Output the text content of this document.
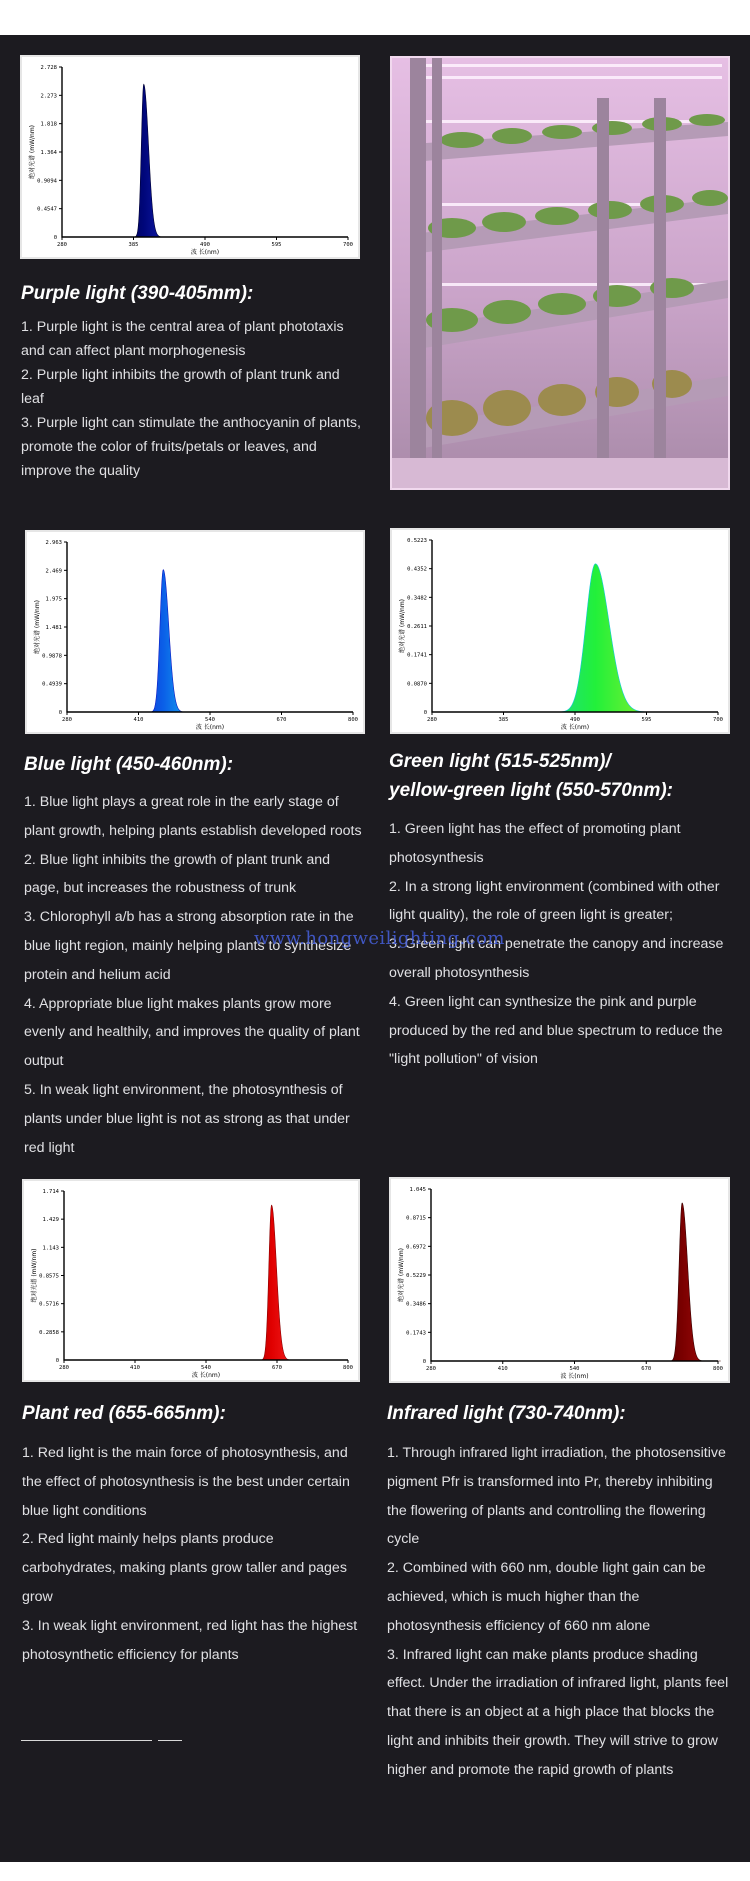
0.4547
0.9094
1.364
1.818
2.273
2.728
0
280	385	490	595	700
波 长(nm)
绝对光谱 (mW/nm)
Purple light (390-405mm):

1. Purple light is the central area of plant phototaxis and can affect plant morphogenesis

2. Purple light inhibits the growth of plant trunk and leaf

3. Purple light can stimulate the anthocyanin of plants, promote the color of fruits/petals or leaves, and improve the quality

0.4939
0.9878
1.481
1.975
2.469
2.963
0
280	410	540	670	800
波 长(nm)
绝对光谱 (mW/nm)
0.0870
0.1741
0.2611
0.3482
0.4352
0.5223
0
280	385	490	595	700
波 长(nm)
绝对光谱 (mW/nm)
Blue light (450-460nm):

1. Blue light plays a great role in the early stage of plant growth, helping plants establish developed roots

2. Blue light inhibits the growth of plant trunk and page, but increases the robustness of trunk

3. Chlorophyll a/b has a strong absorption rate in the blue light region, mainly helping plants to synthesize protein and helium acid

4. Appropriate blue light makes plants grow more evenly and healthily, and improves the quality of plant output

5. In weak light environment, the photosynthesis of plants under blue light is not as strong as that under red light

Green light (515-525nm)/
yellow-green light (550-570nm):

1. Green light has the effect of promoting plant photosynthesis

2. In a strong light environment (combined with other light quality), the role of green light is greater;

3. Green light can penetrate the canopy and increase overall photosynthesis

4. Green light can synthesize the pink and purple produced by the red and blue spectrum to reduce the "light pollution" of vision

www.hongweilighting.com
0.2858
0.5716
0.8575
1.143
1.429
1.714
0
280	410	540	670	800
波 长(nm)
绝对光谱 (mW/nm)
0.1743
0.3486
0.5229
0.6972
0.8715
1.045
0
280	410	540	670	800
波 长(nm)
绝对光谱 (mW/nm)
Plant red (655-665nm):

1. Red light is the main force of photosynthesis, and the effect of photosynthesis is the best under certain blue light conditions

2. Red light mainly helps plants produce carbohydrates, making plants grow taller and pages grow

3. In weak light environment, red light has the highest photosynthetic efficiency for plants

Infrared light (730-740nm):

1. Through infrared light irradiation, the photosensitive pigment Pfr is transformed into Pr, thereby inhibiting the flowering of plants and controlling the flowering cycle

2. Combined with 660 nm, double light gain can be achieved, which is much higher than the photosynthesis efficiency of 660 nm alone

3. Infrared light can make plants produce shading effect. Under the irradiation of infrared light, plants feel that there is an object at a high place that blocks the light and inhibits their growth. They will strive to grow higher and promote the rapid growth of plants
